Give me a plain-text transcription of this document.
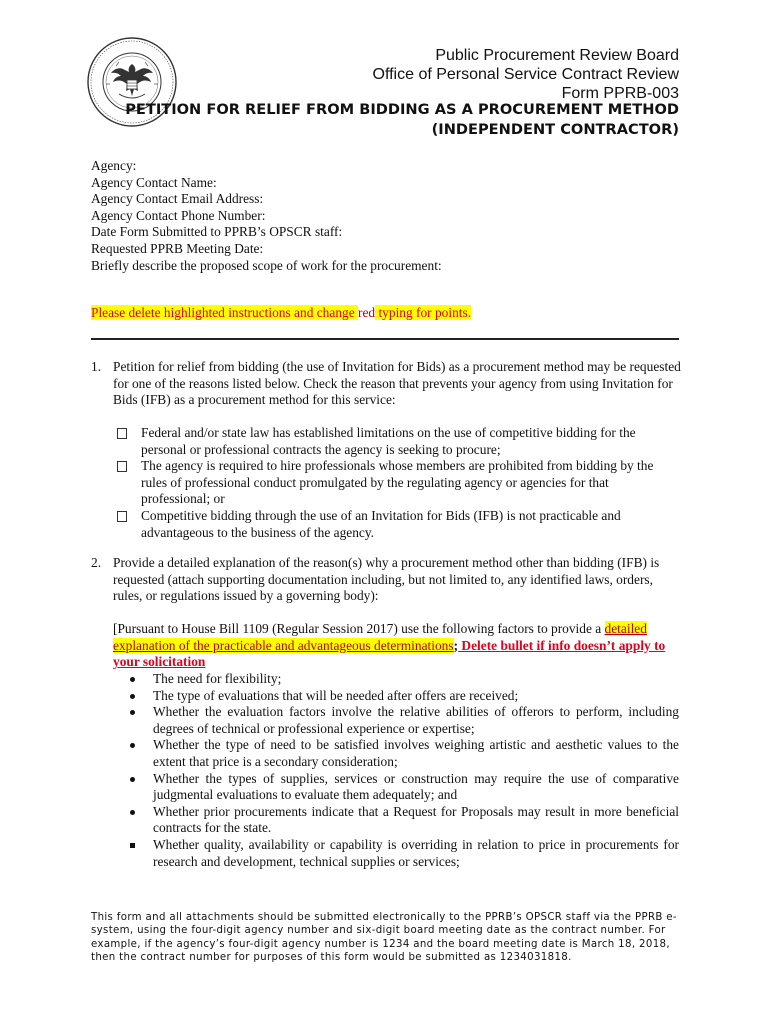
Public Procurement Review Board
Office of Personal Service Contract Review
Form PPRB-003
PETITION FOR RELIEF FROM BIDDING AS A PROCUREMENT METHOD
(INDEPENDENT CONTRACTOR)
Agency:
Agency Contact Name:
Agency Contact Email Address:
Agency Contact Phone Number:
Date Form Submitted to PPRB’s OPSCR staff:
Requested PPRB Meeting Date:
Briefly describe the proposed scope of work for the procurement:
Please delete highlighted instructions and change red typing for points.
1. Petition for relief from bidding (the use of Invitation for Bids) as a procurement method may be requested for one of the reasons listed below. Check the reason that prevents your agency from using Invitation for Bids (IFB) as a procurement method for this service:
Federal and/or state law has established limitations on the use of competitive bidding for the personal or professional contracts the agency is seeking to procure;
The agency is required to hire professionals whose members are prohibited from bidding by the rules of professional conduct promulgated by the regulating agency or agencies for that professional; or
Competitive bidding through the use of an Invitation for Bids (IFB) is not practicable and advantageous to the business of the agency.
2. Provide a detailed explanation of the reason(s) why a procurement method other than bidding (IFB) is requested (attach supporting documentation including, but not limited to, any identified laws, orders, rules, or regulations issued by a governing body):
[Pursuant to House Bill 1109 (Regular Session 2017) use the following factors to provide a detailed explanation of the practicable and advantageous determinations; Delete bullet if info doesn’t apply to your solicitation
The need for flexibility;
The type of evaluations that will be needed after offers are received;
Whether the evaluation factors involve the relative abilities of offerors to perform, including degrees of technical or professional experience or expertise;
Whether the type of need to be satisfied involves weighing artistic and aesthetic values to the extent that price is a secondary consideration;
Whether the types of supplies, services or construction may require the use of comparative judgmental evaluations to evaluate them adequately; and
Whether prior procurements indicate that a Request for Proposals may result in more beneficial contracts for the state.
Whether quality, availability or capability is overriding in relation to price in procurements for research and development, technical supplies or services;
This form and all attachments should be submitted electronically to the PPRB’s OPSCR staff via the PPRB e-system, using the four-digit agency number and six-digit board meeting date as the contract number. For example, if the agency’s four-digit agency number is 1234 and the board meeting date is March 18, 2018, then the contract number for purposes of this form would be submitted as 1234031818.
